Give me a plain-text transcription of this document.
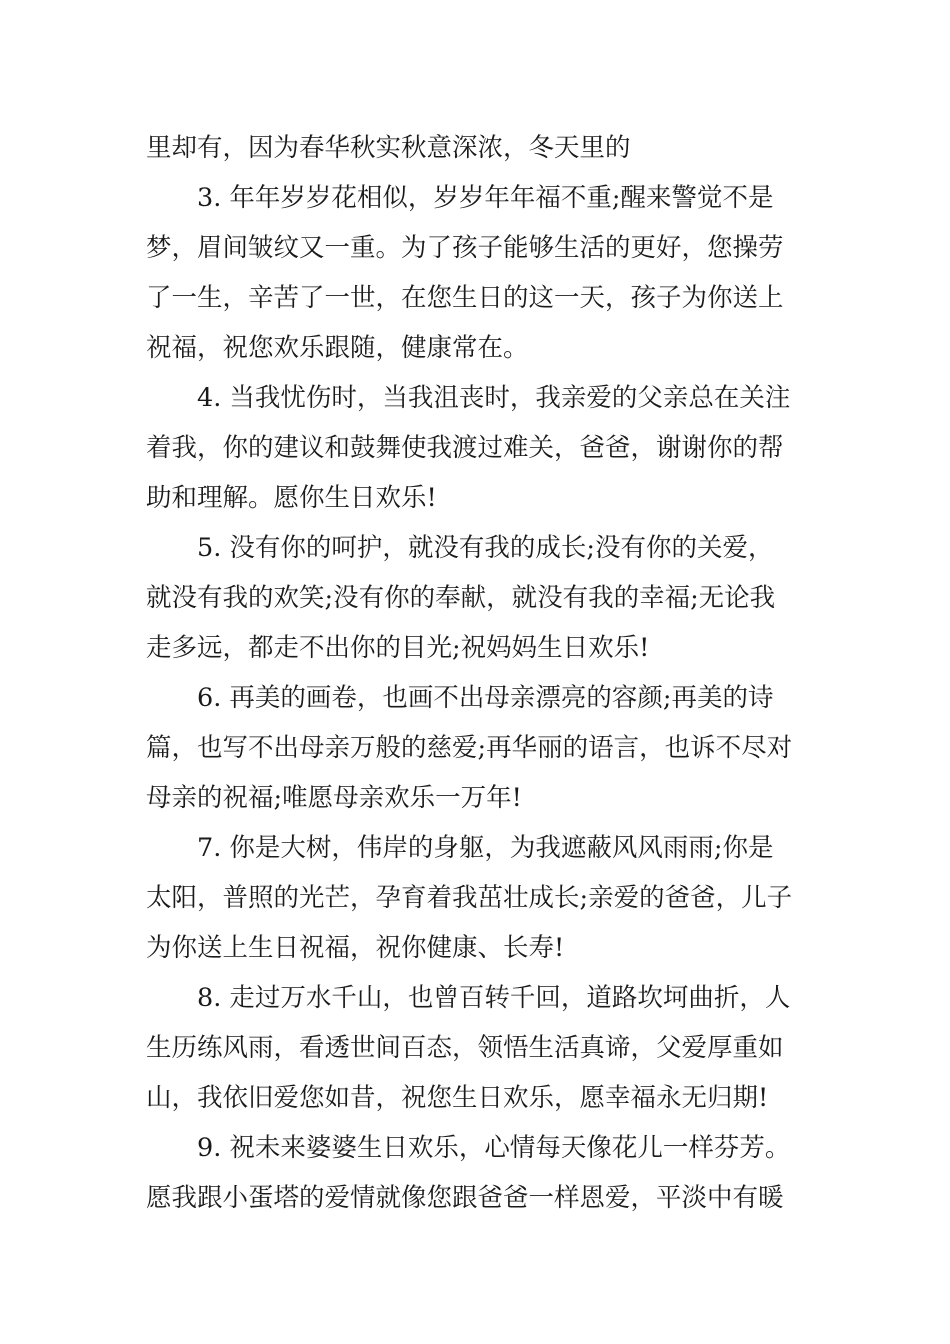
里却有，因为春华秋实秋意深浓，冬天里的
3. 年年岁岁花相似，岁岁年年福不重;醒来警觉不是
梦，眉间皱纹又一重。为了孩子能够生活的更好，您操劳
了一生，辛苦了一世，在您生日的这一天，孩子为你送上
祝福，祝您欢乐跟随，健康常在。
4. 当我忧伤时，当我沮丧时，我亲爱的父亲总在关注
着我，你的建议和鼓舞使我渡过难关，爸爸，谢谢你的帮
助和理解。愿你生日欢乐!
5. 没有你的呵护，就没有我的成长;没有你的关爱，
就没有我的欢笑;没有你的奉献，就没有我的幸福;无论我
走多远，都走不出你的目光;祝妈妈生日欢乐!
6. 再美的画卷，也画不出母亲漂亮的容颜;再美的诗
篇，也写不出母亲万般的慈爱;再华丽的语言，也诉不尽对
母亲的祝福;唯愿母亲欢乐一万年!
7. 你是大树，伟岸的身躯，为我遮蔽风风雨雨;你是
太阳，普照的光芒，孕育着我茁壮成长;亲爱的爸爸，儿子
为你送上生日祝福，祝你健康、长寿!
8. 走过万水千山，也曾百转千回，道路坎坷曲折，人
生历练风雨，看透世间百态，领悟生活真谛，父爱厚重如
山，我依旧爱您如昔，祝您生日欢乐，愿幸福永无归期!
9. 祝未来婆婆生日欢乐，心情每天像花儿一样芬芳。
愿我跟小蛋塔的爱情就像您跟爸爸一样恩爱，平淡中有暖
